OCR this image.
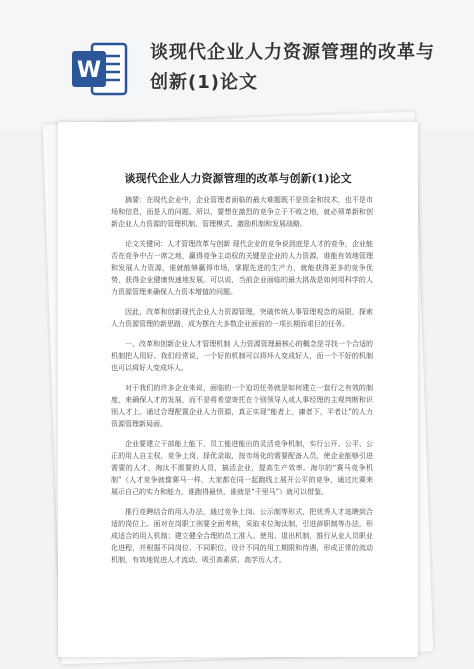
W
谈现代企业人力资源管理的改革与创新(1)论文
谈现代企业人力资源管理的改革与创新(1)论文

摘要：在现代企业中，企业管理者面临的最大难题既不是资金和技术，也不是市场和信息，而是人的问题。所以，要想在激烈的竞争立于不败之地，就必须革新和创新企业人力资源的管理机制、管理模式、激励机制和发展战略。

论文关键词：人才管理改革与创新 现代企业的竞争说到底是人才的竞争，企业能否在竞争中占一席之地，赢得竞争主动权的关键是企业的人力资源，谁能有效地管理和发展人力资源，谁就能够赢得市场，掌握先进的生产力，就能获得更多的竞争优势，获得企业健康快速地发展。可以说，当前企业面临的最大挑战是如何用科学的人力资源管理来确保人力资本增值的问题。

因此，改革和创新现代企业人力资源管理，突破传统人事管理观念的局限，探索人力资源管理的新思路，成为摆在大多数企业面前的一项长期而艰巨的任务。

一、改革和创新企业人才管理机制 人力资源管理最核心的概念是寻找一个合适的机制把人用好。我们经常说，一个好的机制可以将坏人变成好人，而一个不好的机制也可以将好人变成坏人。

对于我们的许多企业来说，面临的一个迫切任务就是如何建立一套行之有效的制度，来确保人才的发展，而不是将希望寄托在个别领导人或人事经理的主观判断和识别人才上。通过合理配置企业人力资源，真正实现“能者上，庸者下，平者让”的人力资源管理新局面。

企业要建立干部能上能下、员工能进能出的灵活竞争机制，实行公开、公平、公正的用人自主权，竞争上岗，择优录取，按市场化的需要配备人员，使企业能够引进需要的人才，淘汰不需要的人员，搞活企业，提高生产效率。海尔的“赛马竞争机制”（人才竞争就像赛马一样，大家都在同一起跑线上展开公平的竞争，通过比赛来展示自己的实力和能力，谁跑得最快，谁就是“千里马”）就可以借鉴。

推行竞聘结合的用人办法，通过竞争上岗、公示制等形式，把优秀人才选聘到合适的岗位上。面对在岗职工则要全面考核，采取末位淘汰制，引进辞职制等办法，形成适合的用人机制；建立健全合理的员工准入、使用、退出机制，推行从业人员职业化进程，并根据不同岗位、不同职位，设计不同的用工期限和待遇，形成正常的流动机制，有效地促进人才流动，吸引高素质、高学历人才。
